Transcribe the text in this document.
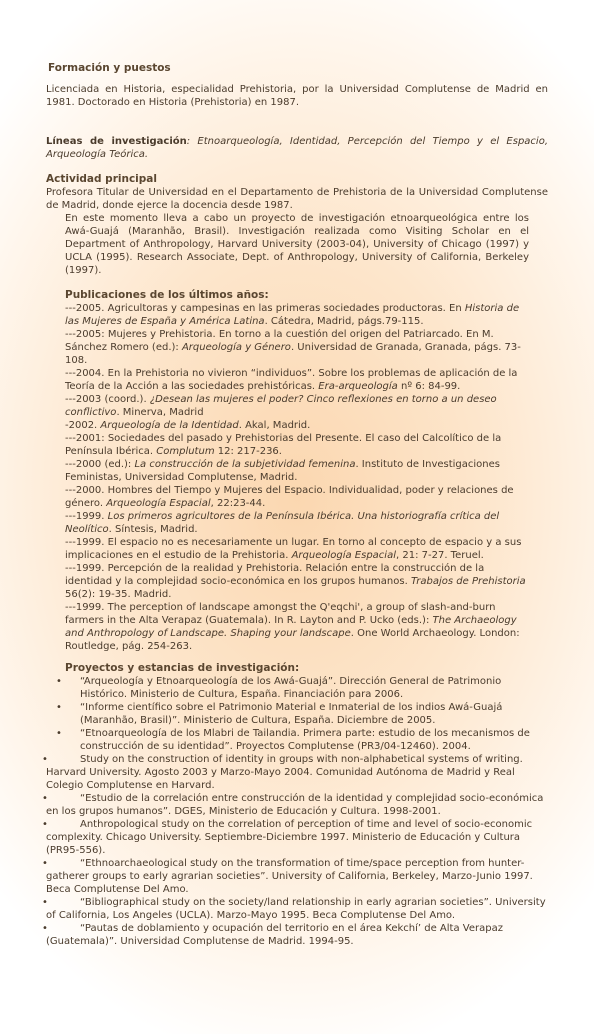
Formación y puestos

Licenciada en Historia, especialidad Prehistoria, por la Universidad Complutense de Madrid en 1981. Doctorado en Historia (Prehistoria) en 1987.

Líneas de investigación: Etnoarqueología, Identidad, Percepción del Tiempo y el Espacio, Arqueología Teórica.

Actividad principal

Profesora Titular de Universidad en el Departamento de Prehistoria de la Universidad Complutense de Madrid, donde ejerce la docencia desde 1987.

En este momento lleva a cabo un proyecto de investigación etnoarqueológica entre los Awá-Guajá (Maranhão, Brasil). Investigación realizada como Visiting Scholar en el Department of Anthropology, Harvard University (2003-04), University of Chicago (1997) y UCLA (1995). Research Associate, Dept. of Anthropology, University of California, Berkeley (1997).

Publicaciones de los últimos años:
---2005. Agricultoras y campesinas en las primeras sociedades productoras. En Historia de las Mujeres de España y América Latina. Cátedra, Madrid, págs.79-115.
---2005: Mujeres y Prehistoria. En torno a la cuestión del origen del Patriarcado. En M. Sánchez Romero (ed.): Arqueología y Género. Universidad de Granada, Granada, págs. 73-108.
---2004. En la Prehistoria no vivieron “individuos”. Sobre los problemas de aplicación de la Teoría de la Acción a las sociedades prehistóricas. Era-arqueología nº 6: 84-99.
---2003 (coord.). ¿Desean las mujeres el poder? Cinco reflexiones en torno a un deseo conflictivo. Minerva, Madrid
-2002. Arqueología de la Identidad. Akal, Madrid.
---2001: Sociedades del pasado y Prehistorias del Presente. El caso del Calcolítico de la Península Ibérica. Complutum 12: 217-236.
---2000 (ed.): La construcción de la subjetividad femenina. Instituto de Investigaciones Feministas, Universidad Complutense, Madrid.
---2000. Hombres del Tiempo y Mujeres del Espacio. Individualidad, poder y relaciones de género. Arqueología Espacial, 22:23-44.
---1999. Los primeros agricultores de la Península Ibérica. Una historiografía crítica del Neolítico. Síntesis, Madrid.
---1999. El espacio no es necesariamente un lugar. En torno al concepto de espacio y a sus implicaciones en el estudio de la Prehistoria. Arqueología Espacial, 21: 7-27. Teruel.
---1999. Percepción de la realidad y Prehistoria. Relación entre la construcción de la identidad y la complejidad socio-económica en los grupos humanos. Trabajos de Prehistoria 56(2): 19-35. Madrid.
---1999. The perception of landscape amongst the Q'eqchi', a group of slash-and-burn farmers in the Alta Verapaz (Guatemala). In R. Layton and P. Ucko (eds.): The Archaeology and Anthropology of Landscape. Shaping your landscape. One World Archaeology. London: Routledge, pág. 254-263.
Proyectos y estancias de investigación:
• “Arqueología y Etnoarqueología de los Awá-Guajá”. Dirección General de Patrimonio Histórico. Ministerio de Cultura, España. Financiación para 2006.
• “Informe científico sobre el Patrimonio Material e Inmaterial de los indios Awá-Guajá (Maranhão, Brasil)”. Ministerio de Cultura, España. Diciembre de 2005.
• “Etnoarqueología de los Mlabri de Tailandia. Primera parte: estudio de los mecanismos de construcción de su identidad”. Proyectos Complutense (PR3/04-12460). 2004.
• Study on the construction of identity in groups with non-alphabetical systems of writing. Harvard University. Agosto 2003 y Marzo-Mayo 2004. Comunidad Autónoma de Madrid y Real Colegio Complutense en Harvard.
• “Estudio de la correlación entre construcción de la identidad y complejidad socio-económica en los grupos humanos”. DGES, Ministerio de Educación y Cultura. 1998-2001.
• Anthropological study on the correlation of perception of time and level of socio-economic complexity. Chicago University. Septiembre-Diciembre 1997. Ministerio de Educación y Cultura (PR95-556).
• “Ethnoarchaeological study on the transformation of time/space perception from hunter-gatherer groups to early agrarian societies”. University of California, Berkeley, Marzo-Junio 1997. Beca Complutense Del Amo.
• “Bibliographical study on the society/land relationship in early agrarian societies”. University of California, Los Angeles (UCLA). Marzo-Mayo 1995. Beca Complutense Del Amo.
• “Pautas de doblamiento y ocupación del territorio en el área Kekchí’ de Alta Verapaz (Guatemala)”. Universidad Complutense de Madrid. 1994-95.
